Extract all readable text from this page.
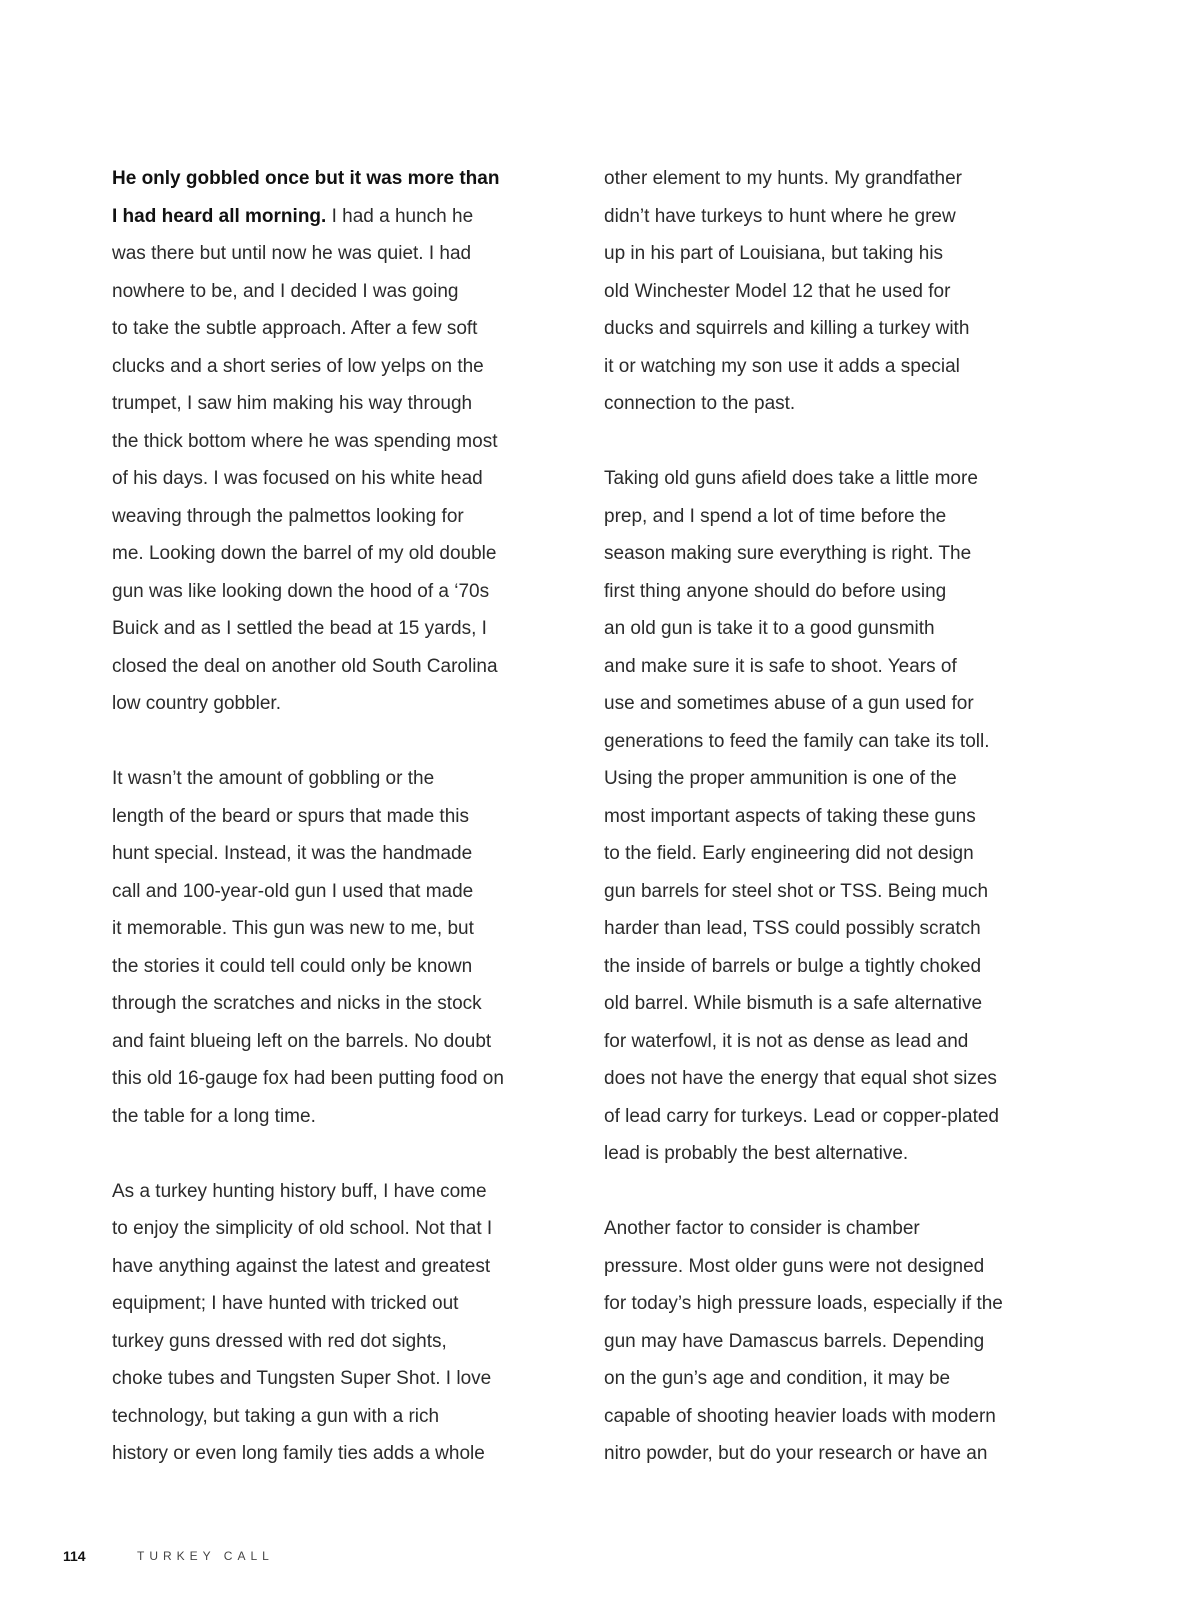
He only gobbled once but it was more than
I had heard all morning. I had a hunch he
was there but until now he was quiet. I had
nowhere to be, and I decided I was going
to take the subtle approach. After a few soft
clucks and a short series of low yelps on the
trumpet, I saw him making his way through
the thick bottom where he was spending most
of his days. I was focused on his white head
weaving through the palmettos looking for
me. Looking down the barrel of my old double
gun was like looking down the hood of a ‘70s
Buick and as I settled the bead at 15 yards, I
closed the deal on another old South Carolina
low country gobbler.
It wasn’t the amount of gobbling or the
length of the beard or spurs that made this
hunt special. Instead, it was the handmade
call and 100-year-old gun I used that made
it memorable. This gun was new to me, but
the stories it could tell could only be known
through the scratches and nicks in the stock
and faint blueing left on the barrels. No doubt
this old 16-gauge fox had been putting food on
the table for a long time.
As a turkey hunting history buff, I have come
to enjoy the simplicity of old school. Not that I
have anything against the latest and greatest
equipment; I have hunted with tricked out
turkey guns dressed with red dot sights,
choke tubes and Tungsten Super Shot. I love
technology, but taking a gun with a rich
history or even long family ties adds a whole
other element to my hunts. My grandfather
didn’t have turkeys to hunt where he grew
up in his part of Louisiana, but taking his
old Winchester Model 12 that he used for
ducks and squirrels and killing a turkey with
it or watching my son use it adds a special
connection to the past.
Taking old guns afield does take a little more
prep, and I spend a lot of time before the
season making sure everything is right. The
first thing anyone should do before using
an old gun is take it to a good gunsmith
and make sure it is safe to shoot. Years of
use and sometimes abuse of a gun used for
generations to feed the family can take its toll.
Using the proper ammunition is one of the
most important aspects of taking these guns
to the field. Early engineering did not design
gun barrels for steel shot or TSS. Being much
harder than lead, TSS could possibly scratch
the inside of barrels or bulge a tightly choked
old barrel. While bismuth is a safe alternative
for waterfowl, it is not as dense as lead and
does not have the energy that equal shot sizes
of lead carry for turkeys. Lead or copper-plated
lead is probably the best alternative.
Another factor to consider is chamber
pressure. Most older guns were not designed
for today’s high pressure loads, especially if the
gun may have Damascus barrels. Depending
on the gun’s age and condition, it may be
capable of shooting heavier loads with modern
nitro powder, but do your research or have an
114	TURKEY CALL
